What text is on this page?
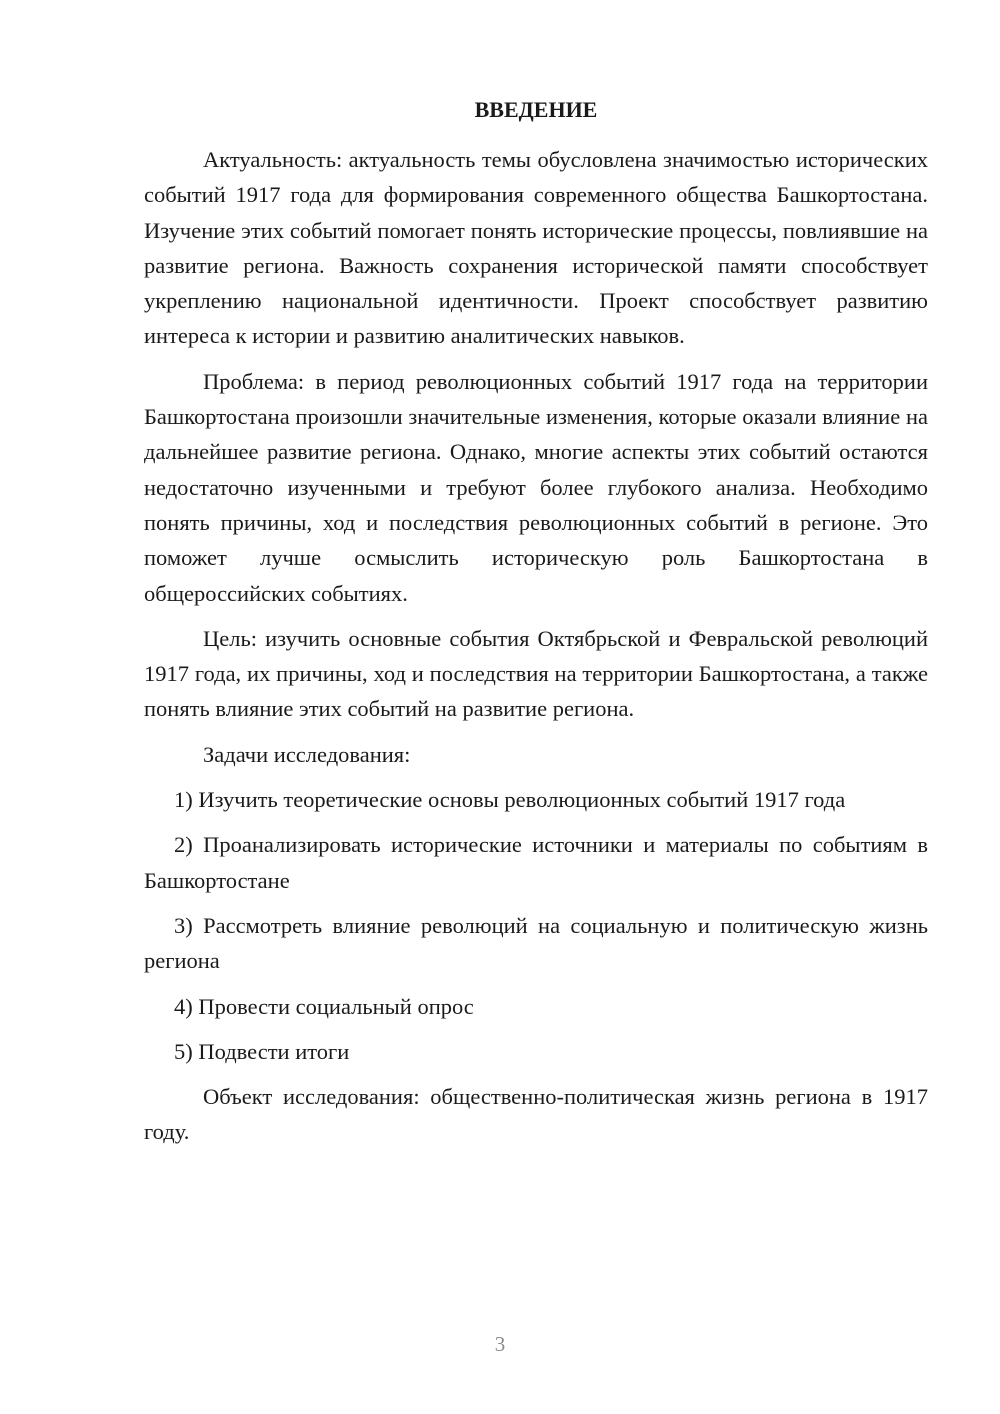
ВВЕДЕНИЕ

Актуальность: актуальность темы обусловлена значимостью исторических событий 1917 года для формирования современного общества Башкортостана. Изучение этих событий помогает понять исторические процессы, повлиявшие на развитие региона. Важность сохранения исторической памяти способствует укреплению национальной идентичности. Проект способствует развитию интереса к истории и развитию аналитических навыков.

Проблема: в период революционных событий 1917 года на территории Башкортостана произошли значительные изменения, которые оказали влияние на дальнейшее развитие региона. Однако, многие аспекты этих событий остаются недостаточно изученными и требуют более глубокого анализа. Необходимо понять причины, ход и последствия революционных событий в регионе. Это поможет лучше осмыслить историческую роль Башкортостана в общероссийских событиях.

Цель: изучить основные события Октябрьской и Февральской революций 1917 года, их причины, ход и последствия на территории Башкортостана, а также понять влияние этих событий на развитие региона.

Задачи исследования:

1) Изучить теоретические основы революционных событий 1917 года

2) Проанализировать исторические источники и материалы по событиям в Башкортостане

3) Рассмотреть влияние революций на социальную и политическую жизнь региона

4) Провести социальный опрос

5) Подвести итоги

Объект исследования: общественно-политическая жизнь региона в 1917 году.

3
